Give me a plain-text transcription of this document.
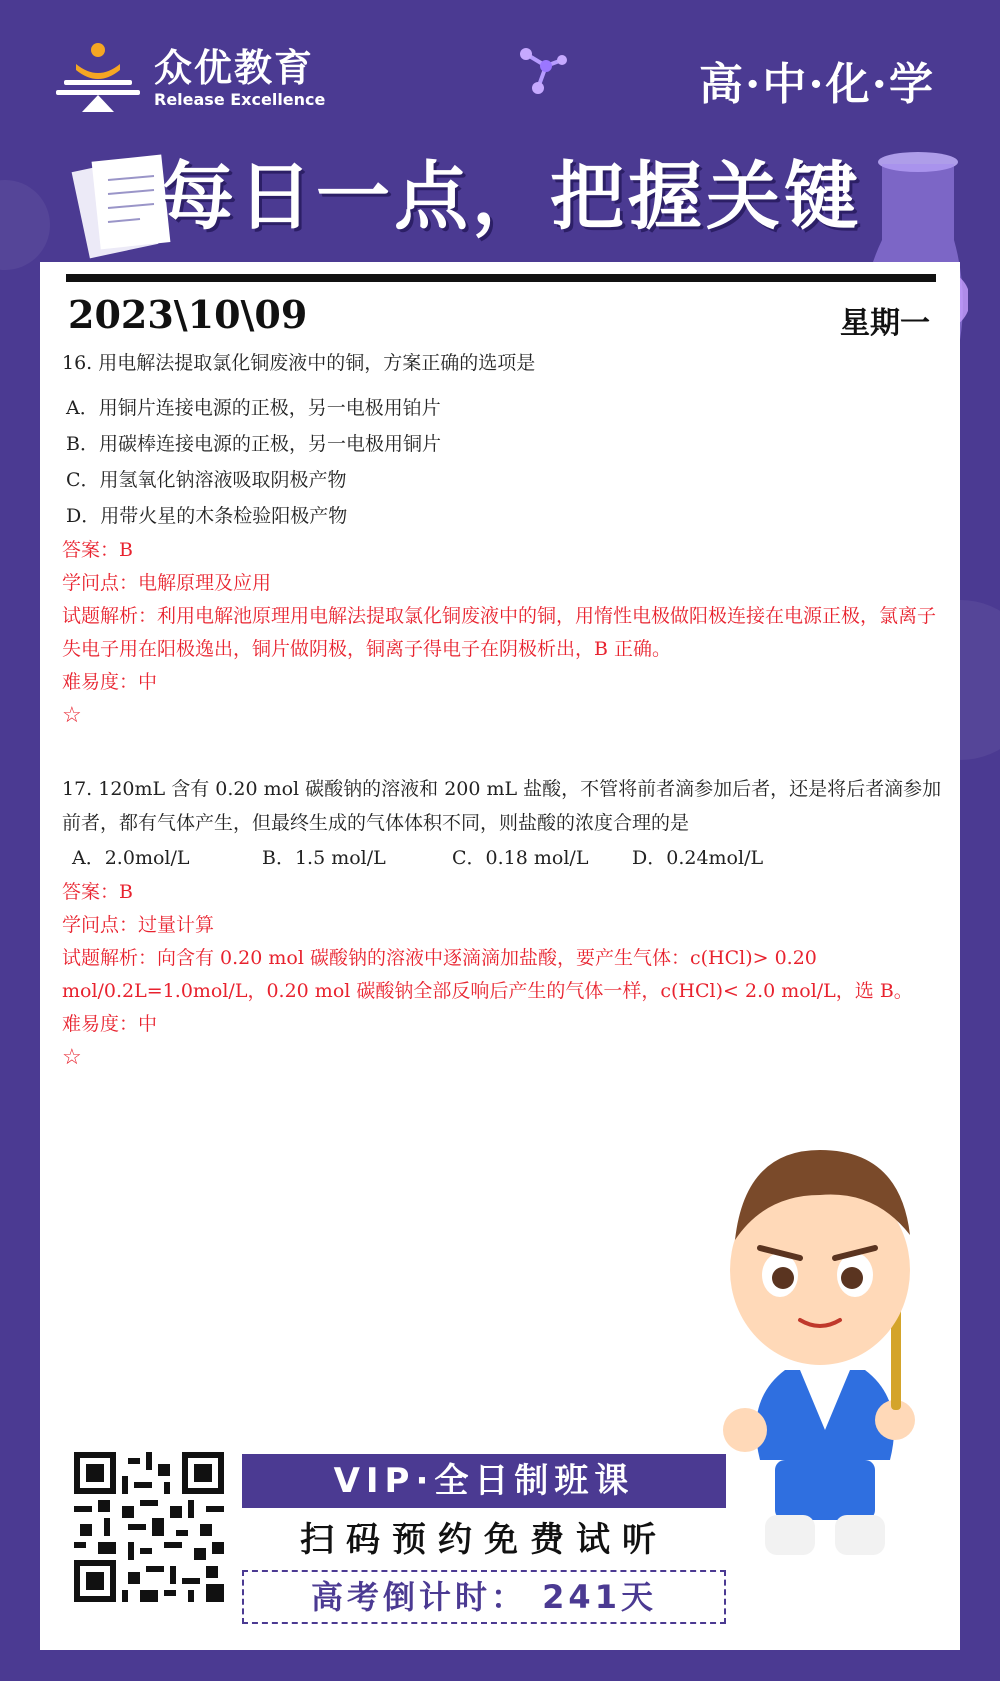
众优教育
Release Excellence	高·中·化·学
每日一点，把握关键
2023\10\09	星期一
16. 用电解法提取氯化铜废液中的铜，方案正确的选项是
A．用铜片连接电源的正极，另一电极用铂片
B．用碳棒连接电源的正极，另一电极用铜片
C．用氢氧化钠溶液吸取阴极产物
D．用带火星的木条检验阳极产物
答案：B
学问点：电解原理及应用
试题解析：利用电解池原理用电解法提取氯化铜废液中的铜，用惰性电极做阳极连接在电源正极，氯离子失电子用在阳极逸出，铜片做阴极，铜离子得电子在阴极析出，B 正确。
难易度：中
☆
17. 120mL 含有 0.20 mol 碳酸钠的溶液和 200 mL 盐酸，不管将前者滴参加后者，还是将后者滴参加前者，都有气体产生，但最终生成的气体体积不同，则盐酸的浓度合理的是
A．2.0mol/L	B．1.5 mol/L	C．0.18 mol/L	D．0.24mol/L
答案：B
学问点：过量计算
试题解析：向含有 0.20 mol 碳酸钠的溶液中逐滴滴加盐酸，要产生气体：c(HCl)> 0.20 mol/0.2L=1.0mol/L，0.20 mol 碳酸钠全部反响后产生的气体一样，c(HCl)< 2.0 mol/L，选 B。
难易度：中
☆
VIP·全日制班课
扫码预约免费试听
高考倒计时： 241天
